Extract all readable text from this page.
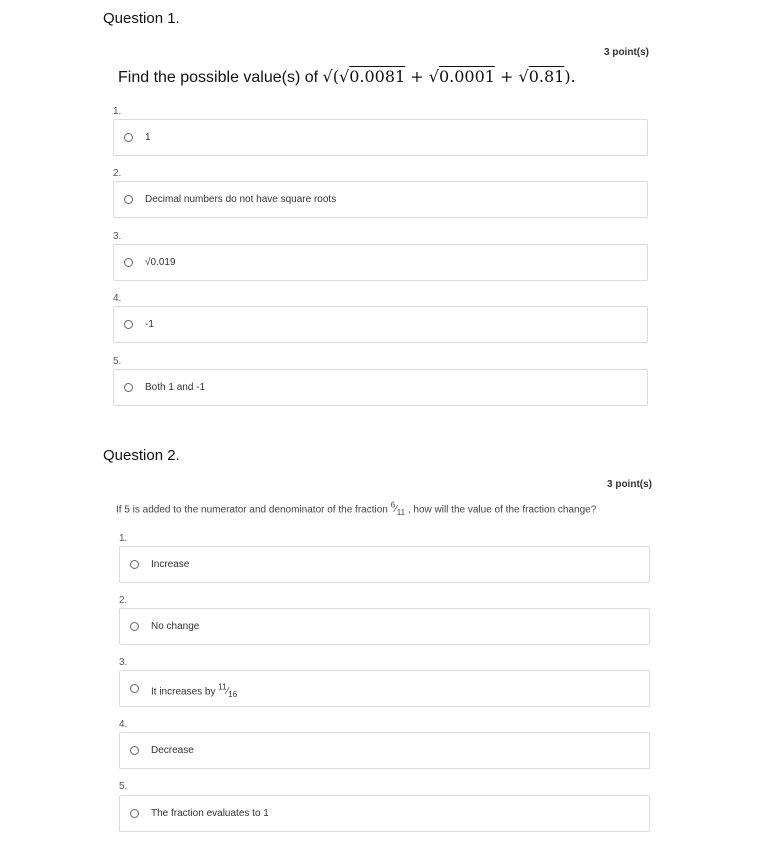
Question 1.
3 point(s)
Find the possible value(s) of √(√0.0081 + √0.0001 + √0.81).
1.
1
2.
Decimal numbers do not have square roots
3.
√0.019
4.
-1
5.
Both 1 and -1
Question 2.
3 point(s)
If 5 is added to the numerator and denominator of the fraction $^6⁄_{11}$ , how will the value of the fraction change?
1.
Increase
2.
No change
3.
It increases by $^{11}⁄_{16}$
4.
Decrease
5.
The fraction evaluates to 1
